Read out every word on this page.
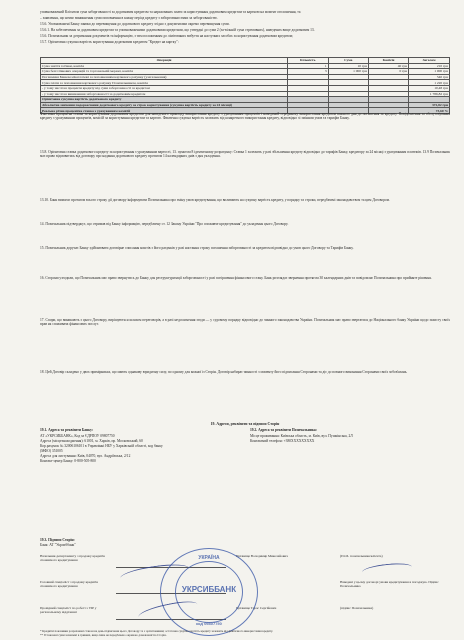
уповноважений Клієнтом сума заборгованості за додатковим кредитом та нарахованих плати за користування додатковим кредитом та карткою на момент оголошення, та
– заявлення, що немає виникнення суми поповнення в кожну період кредиту з заборгованостями за заборгованістю.
13.6. Уповноважені Банку заявки до перевищення до додаткового кредиту згідно з документами окремо перевищення суми.
13.6.1. На забезпечення за додатковим кредитом та уповноваженими додатковими кредитами, що утвердні до суми 2 (за-вільній сума стремовних), наведених вище додатковим 13.
13.6. Позичальник за дотримання документів та інформацію, з тим положенням до лімітованих вибуття на наступних засобах за користування додатковим кредитом;
13.7. Орієнтовна сукупна вартість користування додатковим кредитом "Кредит на картку":
Операція	Кількість	Сума	Комісія	Загалом
Сума зняття готівки, комісія	1	10 грн	40 грн	210 грн
Сума безготівкових операцій та торговельній мережі, комісія	3	1 000 грн	0 грн	1 000 грн
Погашення Банком мін.платежі за поповненням карткового рахунку (узагальнення)				540 грн
Сума плати за поповнення карткового рахунку Позичальником, комісія				1 220 грн
- у тому числі на проценти кредиту від суми заборгованості за кредитом				10,48 грн
- у тому числі на виникнення заборгованості за додатковим кредитом				1 786,82 грн
Орієнтовна сукупна вартість додаткового кредиту				
Абсолютна значення подорожчання додаткового кредиту за строк користування (сукупна вартість кредиту за 24 місяці)				372,82 грн
Реальна річна процентна ставка з урахуванням комісій				73,60 %
Фактична процентна ставка за користування додатковим кредитом для наведеного прикладу використання кредиту з урахуванням процентів і наведений середньому використання кредитом кожного дня до погашення за кредиту. Повідомлення за обслуговування кредиту з урахуванням процентів, комісій за користування кредитом та картою. Фактична сукупна вартість залежить від конкретного використання кредиту, відповідно зі змінами умов та тарифів Банку.
13.8. Орієнтовна ставка додаткового кредиту за користування з урахуванням вартості, 13. пунктом 8 ідентичному розрахунку: Ставка 1 залежить у разі збільшення кредиту відповідно до тарифів Банку, кредитору за 24 місяці з урахуванням платежів. 13.9 Позичальник має право відмовитись від договору про надання додаткового кредиту протягом 14 календарних днів з дня укладення.
13.10. Банк вимагає протягом всього строку дії договору інформувати Позичальника про зміну умов кредитування, що впливають на сукупну вартість кредиту, у порядку та строки, передбачені законодавством та цим Договором.
14. Позичальник підтверджує, що отримав від Банку інформацію, передбачену ст. 12 Закону України "Про споживче кредитування" до укладення цього Договору.
15. Позичальник доручає Банку здійснювати договірне списання коштів з його рахунків у разі настання строку погашення заборгованості за кредитом відповідно до умов цього Договору та Тарифів Банку.
16. Сторони узгодили, що Позичальник має право звернутись до Банку для реструктуризації заборгованості у разі погіршення фінансового стану. Банк розглядає звернення протягом 30 календарних днів та повідомляє Позичальника про прийняте рішення.
17. Спори, що виникають з цього Договору, вирішуються шляхом переговорів, а в разі недосягнення згоди — у судовому порядку відповідно до чинного законодавства України. Позичальник має право звертатися до Національного банку України щодо захисту своїх прав як споживача фінансових послуг.
18. Цей Договір складено у двох примірниках, що мають однакову юридичну силу, по одному для кожної із Сторін. Договір набирає чинності з моменту його підписання Сторонами та діє до повного виконання Сторонами своїх зобов'язань.
19. Адреси, реквізити та підписи Сторін
19.1. Адреса та реквізити Банку:	19.2. Адреса та реквізити Позичальника:
АТ «УКРСИББАНК», Код за ЄДРПОУ 09807750
Адреса (місцезнаходження): 61001, м. Харків, пр. Московський, 60
Кор.рахунок № 32006106101 в Управлінні НБУ у Харківській області, код банку
(МФО) 351005
Адреса для листування: Київ, 04070, вул. Андріївська, 2/12
Контакт-центр Банку: 0-800-505-800
Місце проживання: Київська область, м. Київ, вул. Пушкінська, 2Л
Контактний телефон: +380XXXXXXXXX
19.3. Підписи Сторін:
Банк: АТ "Укрсиббанк"
Начальник департаменту з продажу кредитів споживчого кредитування
Прізвище Володимир Миколайович	(П.І.Б. позичальника/клієнта)
Головний спеціаліст з продажу кредитів споживчого кредитування
Наведені у цьому договорі умови кредитування я погоджую. Підпис Позичальника
Провідний спеціаліст по роботі з VIP у регіональному відділенні
Прізвище Тарас Сергійович	(підпис Позичальника)
УКРАЇНА
УКРСИББАНК
код 09807750
* Кредитні показники розраховані станом на день підписання цього Договору та є орієнтовними; остаточна сукупна вартість кредиту залежить від фактичного використання кредиту.
** Усі вказані суми зазначені в гривнях, якщо інше не передбачено окремою домовленістю Сторін.
